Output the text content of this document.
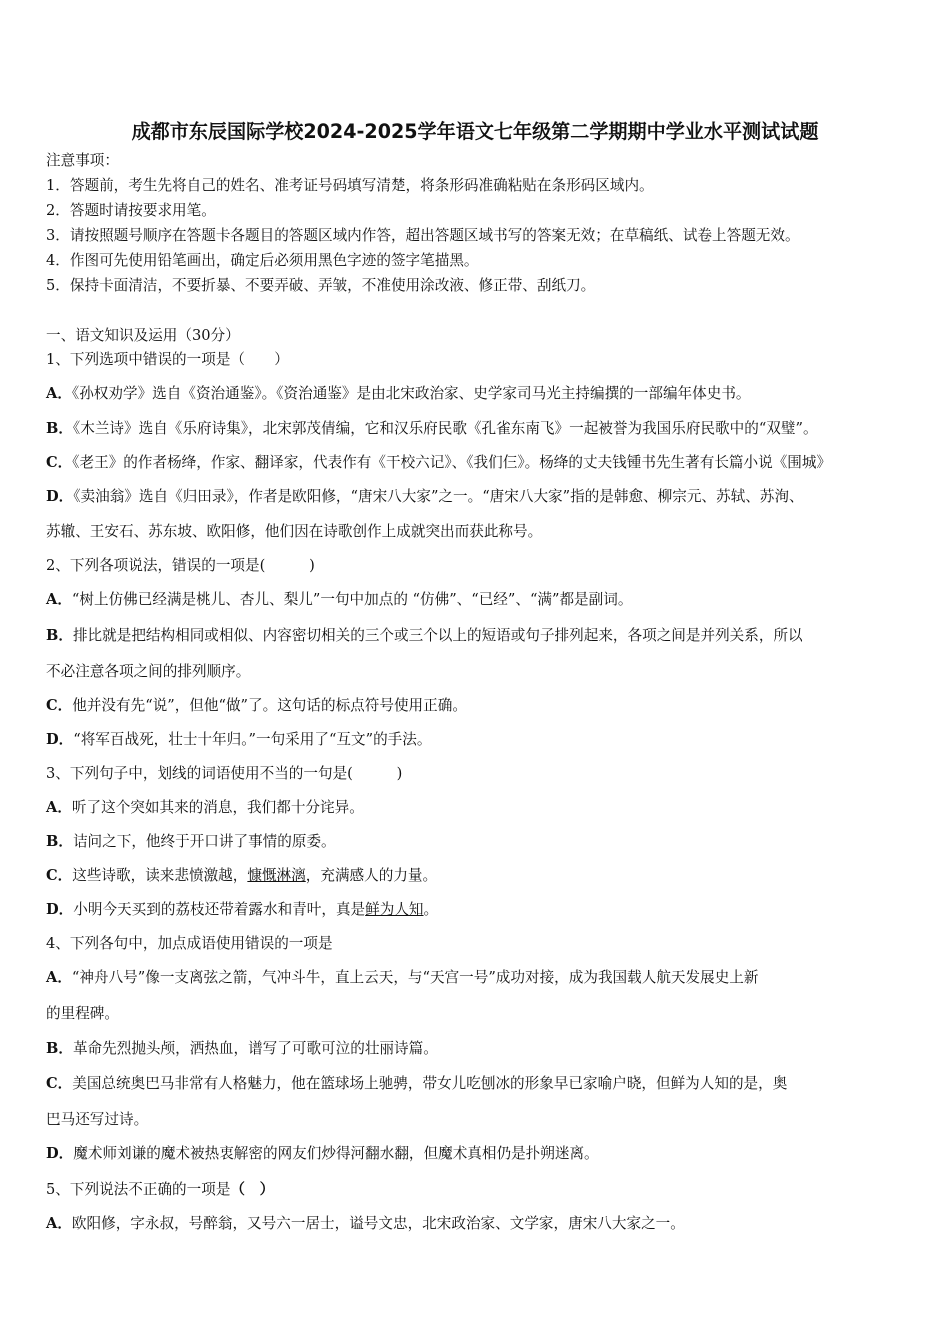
成都市东辰国际学校2024-2025学年语文七年级第二学期期中学业水平测试试题
注意事项：
1．答题前，考生先将自己的姓名、准考证号码填写清楚，将条形码准确粘贴在条形码区域内。
2．答题时请按要求用笔。
3．请按照题号顺序在答题卡各题目的答题区域内作答，超出答题区域书写的答案无效；在草稿纸、试卷上答题无效。
4．作图可先使用铅笔画出，确定后必须用黑色字迹的签字笔描黑。
5．保持卡面清洁，不要折暴、不要弄破、弄皱，不准使用涂改液、修正带、刮纸刀。
一、语文知识及运用（30分）
1、下列选项中错误的一项是（　　）
A．《孙权劝学》选自《资治通鉴》。《资治通鉴》是由北宋政治家、史学家司马光主持编撰的一部编年体史书。
B．《木兰诗》选自《乐府诗集》，北宋郭茂倩编，它和汉乐府民歌《孔雀东南飞》一起被誉为我国乐府民歌中的“双璧”。
C．《老王》的作者杨绛，作家、翻译家，代表作有《干校六记》、《我们仨》。杨绛的丈夫钱锺书先生著有长篇小说《围城》
D．《卖油翁》选自《归田录》，作者是欧阳修，“唐宋八大家”之一。“唐宋八大家”指的是韩愈、柳宗元、苏轼、苏洵、
苏辙、王安石、苏东坡、欧阳修，他们因在诗歌创作上成就突出而获此称号。
2、下列各项说法，错误的一项是(　　　)
A．“树上仿佛已经满是桃儿、杏儿、梨儿”一句中加点的 “仿佛”、“已经”、“满”都是副词。
B．排比就是把结构相同或相似、内容密切相关的三个或三个以上的短语或句子排列起来，各项之间是并列关系，所以
不必注意各项之间的排列顺序。
C．他并没有先“说”，但他“做”了。这句话的标点符号使用正确。
D．“将军百战死，壮士十年归。”一句采用了“互文”的手法。
3、下列句子中，划线的词语使用不当的一句是(　　　)
A．听了这个突如其来的消息，我们都十分诧异。
B．诘问之下，他终于开口讲了事情的原委。
C．这些诗歌，读来悲愤激越，慷慨淋漓，充满感人的力量。
D．小明今天买到的荔枝还带着露水和青叶，真是鲜为人知。
4、下列各句中，加点成语使用错误的一项是
A．“神舟八号”像一支离弦之箭，气冲斗牛，直上云天，与“天宫一号”成功对接，成为我国载人航天发展史上新
的里程碑。
B．革命先烈抛头颅，洒热血，谱写了可歌可泣的壮丽诗篇。
C．美国总统奥巴马非常有人格魅力，他在篮球场上驰骋，带女儿吃刨冰的形象早已家喻户晓，但鲜为人知的是，奥
巴马还写过诗。
D．魔术师刘谦的魔术被热衷解密的网友们炒得河翻水翻，但魔术真相仍是扑朔迷离。
5、下列说法不正确的一项是（　）
A．欧阳修，字永叔，号醉翁，又号六一居士，谥号文忠，北宋政治家、文学家，唐宋八大家之一。
